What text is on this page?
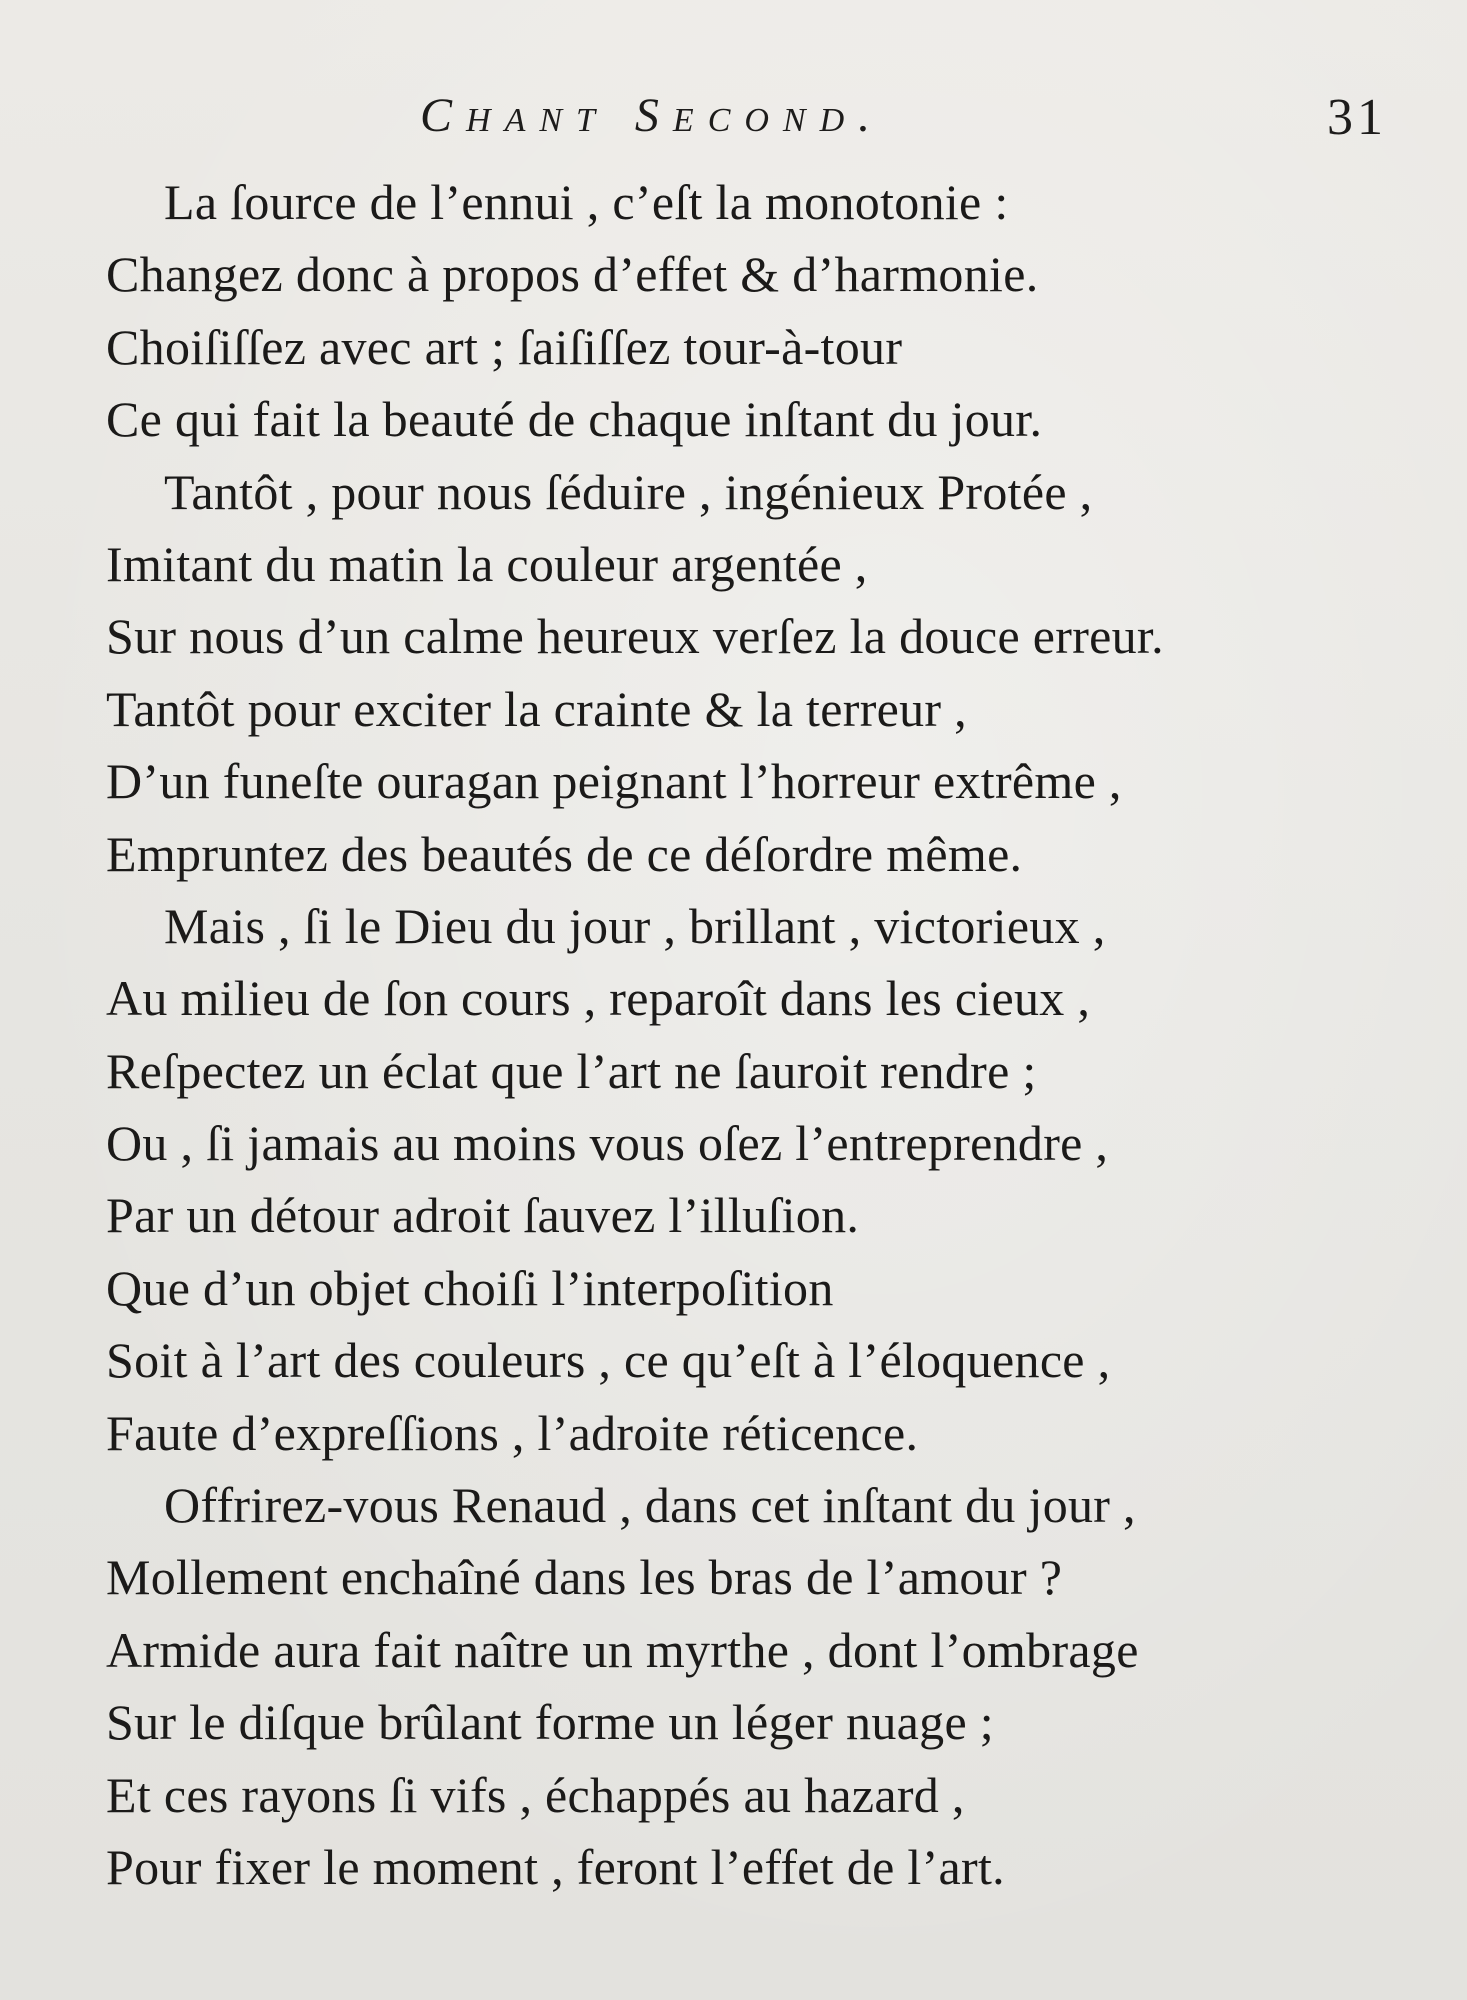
Chant Second.	31
La ſource de l’ennui , c’eſt la monotonie :
Changez donc à propos d’effet & d’harmonie.
Choiſiſſez avec art ; ſaiſiſſez tour-à-tour
Ce qui fait la beauté de chaque inſtant du jour.
Tantôt , pour nous ſéduire , ingénieux Protée ,
Imitant du matin la couleur argentée ,
Sur nous d’un calme heureux verſez la douce erreur.
Tantôt pour exciter la crainte & la terreur ,
D’un funeſte ouragan peignant l’horreur extrême ,
Empruntez des beautés de ce déſordre même.
Mais , ſi le Dieu du jour , brillant , victorieux ,
Au milieu de ſon cours , reparoît dans les cieux ,
Reſpectez un éclat que l’art ne ſauroit rendre ;
Ou , ſi jamais au moins vous oſez l’entreprendre ,
Par un détour adroit ſauvez l’illuſion.
Que d’un objet choiſi l’interpoſition
Soit à l’art des couleurs , ce qu’eſt à l’éloquence ,
Faute d’expreſſions , l’adroite réticence.
Offrirez-vous Renaud , dans cet inſtant du jour ,
Mollement enchaîné dans les bras de l’amour ?
Armide aura fait naître un myrthe , dont l’ombrage
Sur le diſque brûlant forme un léger nuage ;
Et ces rayons ſi vifs , échappés au hazard ,
Pour fixer le moment , feront l’effet de l’art.
